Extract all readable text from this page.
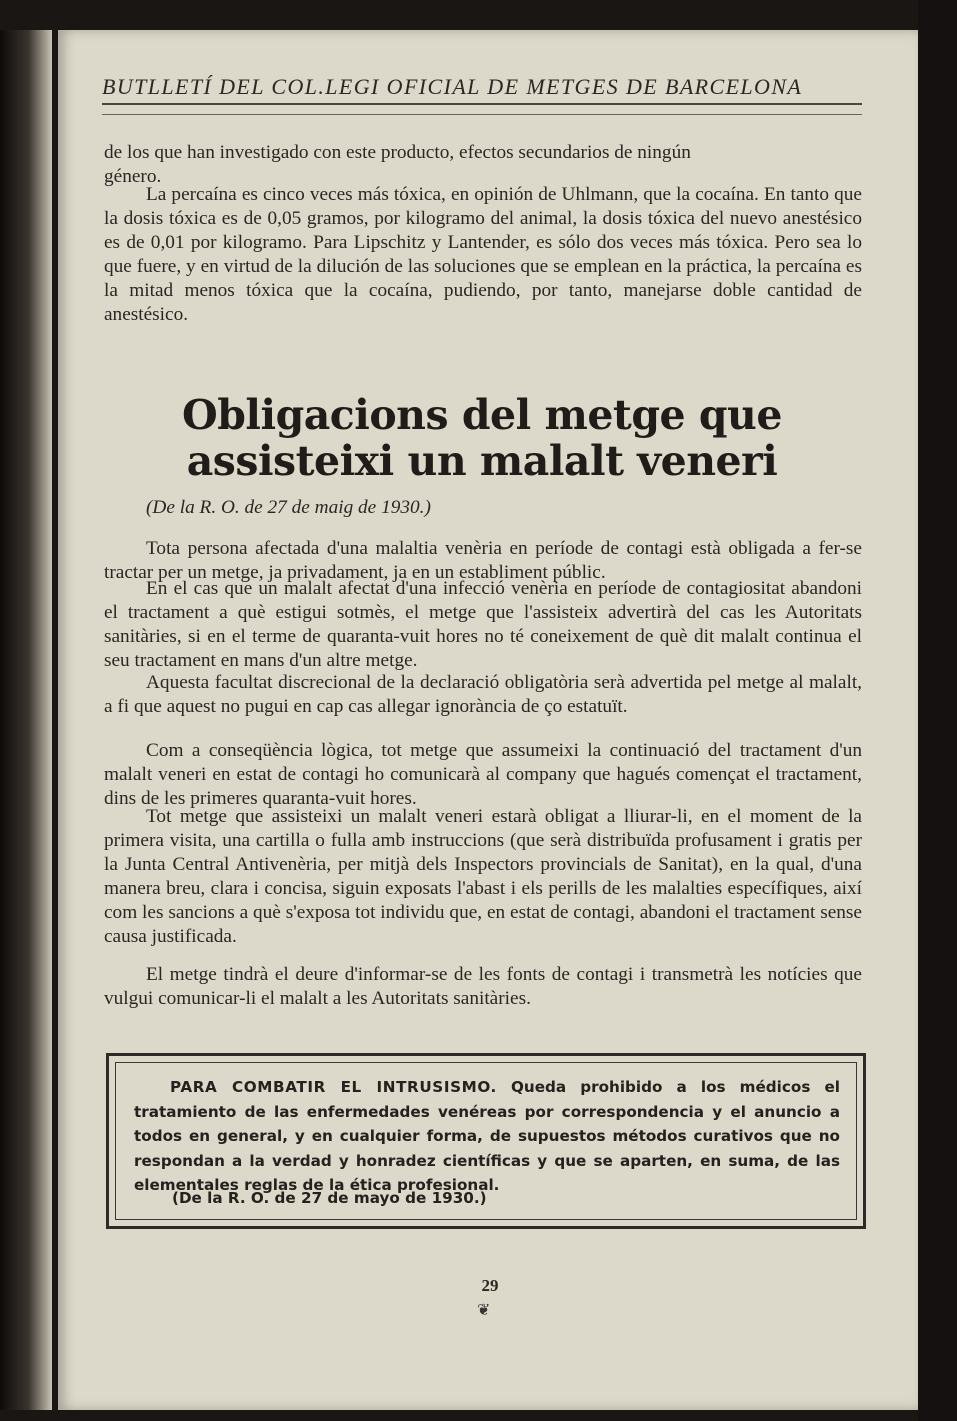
BUTLLETÍ DEL COL.LEGI OFICIAL DE METGES DE BARCELONA

de los que han investigado con este producto, efectos secundarios de ningún
género.

La percaína es cinco veces más tóxica, en opinión de Uhlmann, que la cocaína. En tanto que la dosis tóxica es de 0,05 gramos, por kilogramo del animal, la dosis tóxica del nuevo anestésico es de 0,01 por kilogramo. Para Lipschitz y Lantender, es sólo dos veces más tóxica. Pero sea lo que fuere, y en virtud de la dilución de las soluciones que se emplean en la práctica, la percaína es la mitad menos tóxica que la cocaína, pudiendo, por tanto, manejarse doble cantidad de anestésico.

Obligacions del metge que assisteixi un malalt veneri

(De la R. O. de 27 de maig de 1930.)

Tota persona afectada d'una malaltia venèria en període de contagi està obligada a fer-se tractar per un metge, ja privadament, ja en un establiment públic.

En el cas que un malalt afectat d'una infecció venèria en període de contagiositat abandoni el tractament a què estigui sotmès, el metge que l'assisteix advertirà del cas les Autoritats sanitàries, si en el terme de quaranta-vuit hores no té coneixement de què dit malalt continua el seu tractament en mans d'un altre metge.

Aquesta facultat discrecional de la declaració obligatòria serà advertida pel metge al malalt, a fi que aquest no pugui en cap cas allegar ignorància de ço estatuït.

Com a conseqüència lògica, tot metge que assumeixi la continuació del tractament d'un malalt veneri en estat de contagi ho comunicarà al company que hagués començat el tractament, dins de les primeres quaranta-vuit hores.

Tot metge que assisteixi un malalt veneri estarà obligat a lliurar-li, en el moment de la primera visita, una cartilla o fulla amb instruccions (que serà distribuïda profusament i gratis per la Junta Central Antivenèria, per mitjà dels Inspectors provincials de Sanitat), en la qual, d'una manera breu, clara i concisa, siguin exposats l'abast i els perills de les malalties específiques, així com les sancions a què s'exposa tot individu que, en estat de contagi, abandoni el tractament sense causa justificada.

El metge tindrà el deure d'informar-se de les fonts de contagi i transmetrà les notícies que vulgui comunicar-li el malalt a les Autoritats sanitàries.

PARA COMBATIR EL INTRUSISMO. Queda prohibido a los médicos el tratamiento de las enfermedades venéreas por correspondencia y el anuncio a todos en general, y en cualquier forma, de supuestos métodos curativos que no respondan a la verdad y honradez científicas y que se aparten, en suma, de las elementales reglas de la ética profesional.

(De la R. O. de 27 de mayo de 1930.)

29
❦
